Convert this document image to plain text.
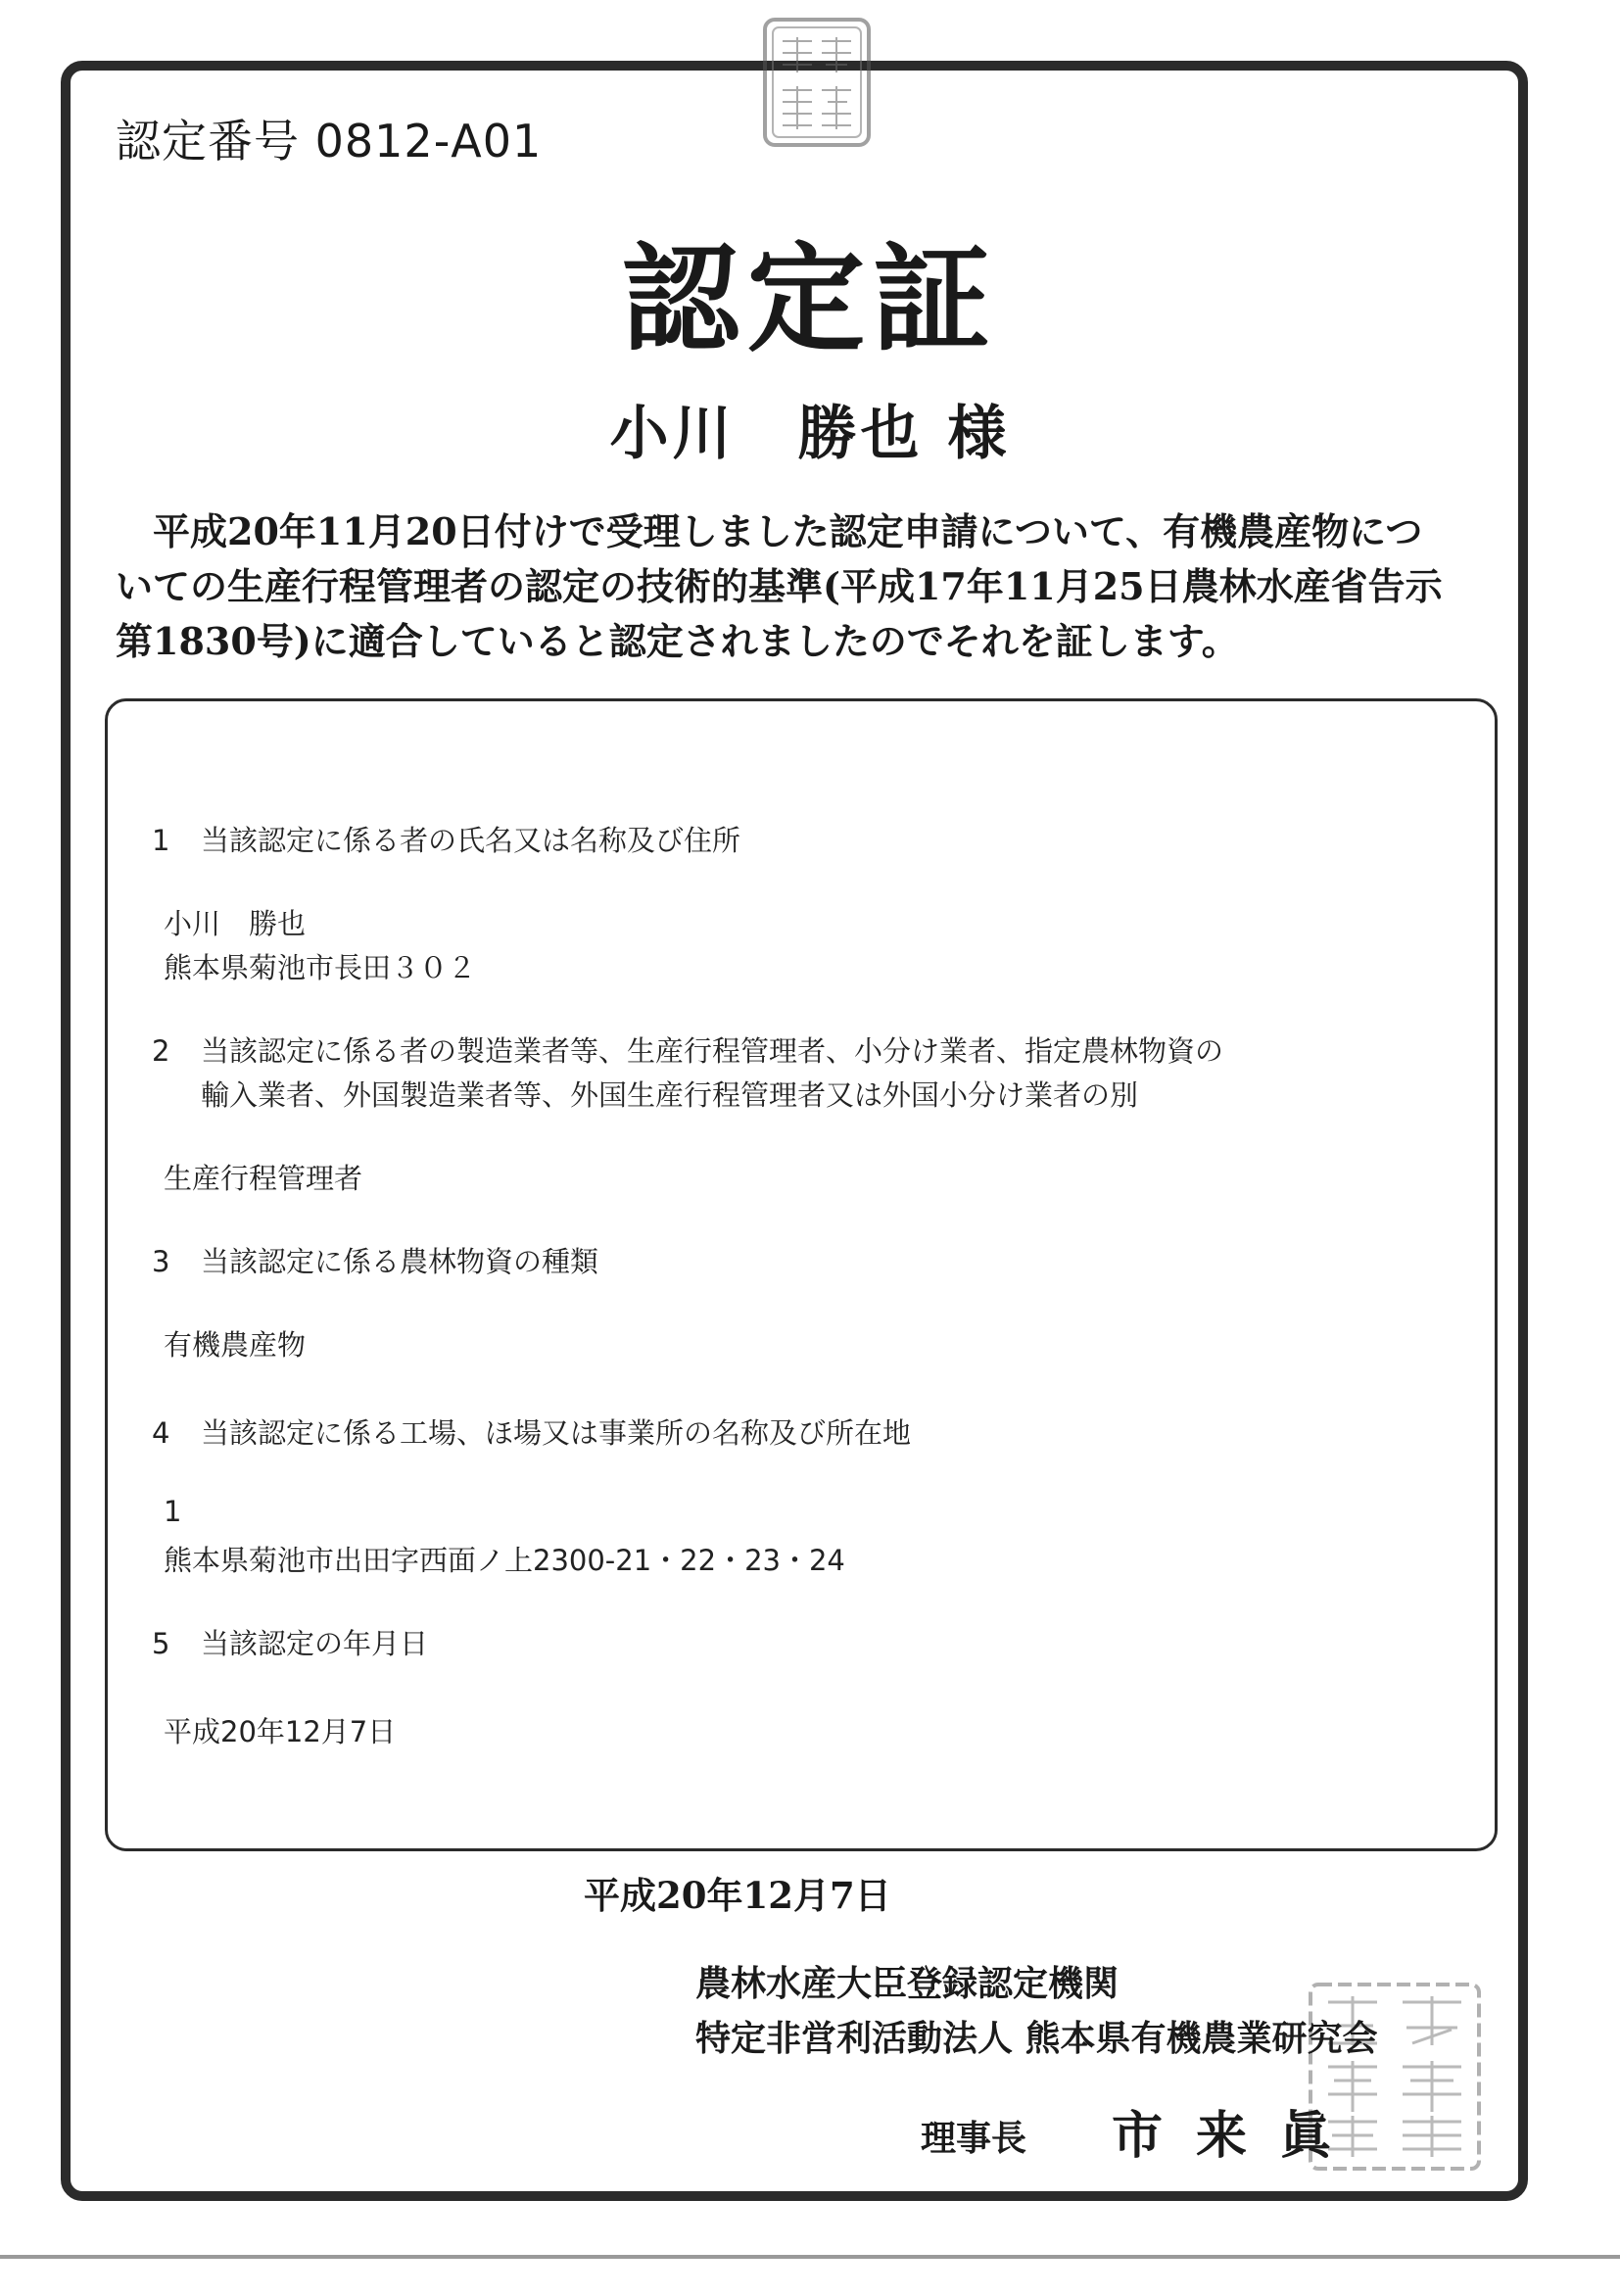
認定番号 0812-A01
認定証
小川　勝也 様
平成20年11月20日付けで受理しました認定申請について、有機農産物についての生産行程管理者の認定の技術的基準(平成17年11月25日農林水産省告示第1830号)に適合していると認定されましたのでそれを証します。
1 当該認定に係る者の氏名又は名称及び住所
小川　勝也
熊本県菊池市長田３０２
2 当該認定に係る者の製造業者等、生産行程管理者、小分け業者、指定農林物資の
輸入業者、外国製造業者等、外国生産行程管理者又は外国小分け業者の別
生産行程管理者
3 当該認定に係る農林物資の種類
有機農産物
4 当該認定に係る工場、ほ場又は事業所の名称及び所在地
1
熊本県菊池市出田字西面ノ上2300-21・22・23・24
5 当該認定の年月日
平成20年12月7日
平成20年12月7日
農林水産大臣登録認定機関
特定非営利活動法人 熊本県有機農業研究会
理事長 市来眞
